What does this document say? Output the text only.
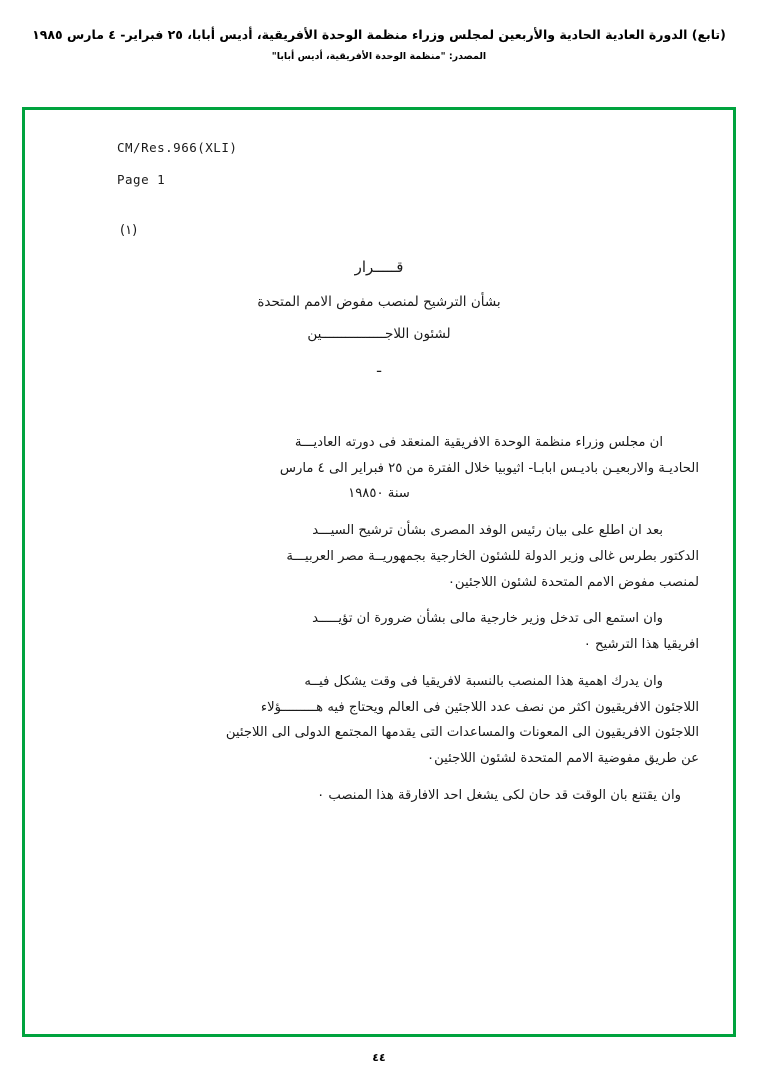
(تابع) الدورة العادية الحادية والأربعين لمجلس وزراء منظمة الوحدة الأفريقية، أديس أبابا، ٢٥ فبراير- ٤ مارس ١٩٨٥
المصدر: "منظمة الوحدة الأفريقية، أديس أبابا"
CM/Res.966(XLI)
Page 1
(١)
قـــــرار
بشأن الترشيح لمنصب مفوض الامم المتحدة
لشئون اللاجــــــــــــــــين
ـ
ان مجلس وزراء منظمة الوحدة الافريقية المنعقد فى دورته العاديـــة
الحاديـة والاربعيـن باديـس ابابـا- اثيوبيا خلال الفترة من ٢٥ فبراير الى ٤ مارس
سنة ١٩٨٥٠
بعد ان اطلع على بيان رئيس الوفد المصرى بشأن ترشيح السيـــد
الدكتور بطرس غالى وزير الدولة للشئون الخارجية بجمهوريــة مصر العربيـــة
لمنصب مفوض الامم المتحدة لشئون اللاجئين٠
وان استمع الى تدخل وزير خارجية مالى بشأن ضرورة ان تؤيـــــد
افريقيا هذا الترشيح ٠
وان يدرك اهمية هذا المنصب بالنسبة لافريقيا فى وقت يشكل فيــه
اللاجئون الافريقيون اكثر من نصف عدد اللاجئين فى العالم ويحتاج فيه هـــــــــؤلاء
اللاجئون الافريقيون الى المعونات والمساعدات التى يقدمها المجتمع الدولى الى اللاجئين
عن طريق مفوضية الامم المتحدة لشئون اللاجئين٠
وان يقتنع بان الوقت قد حان لكى يشغل احد الافارقة هذا المنصب ٠
٤٤
